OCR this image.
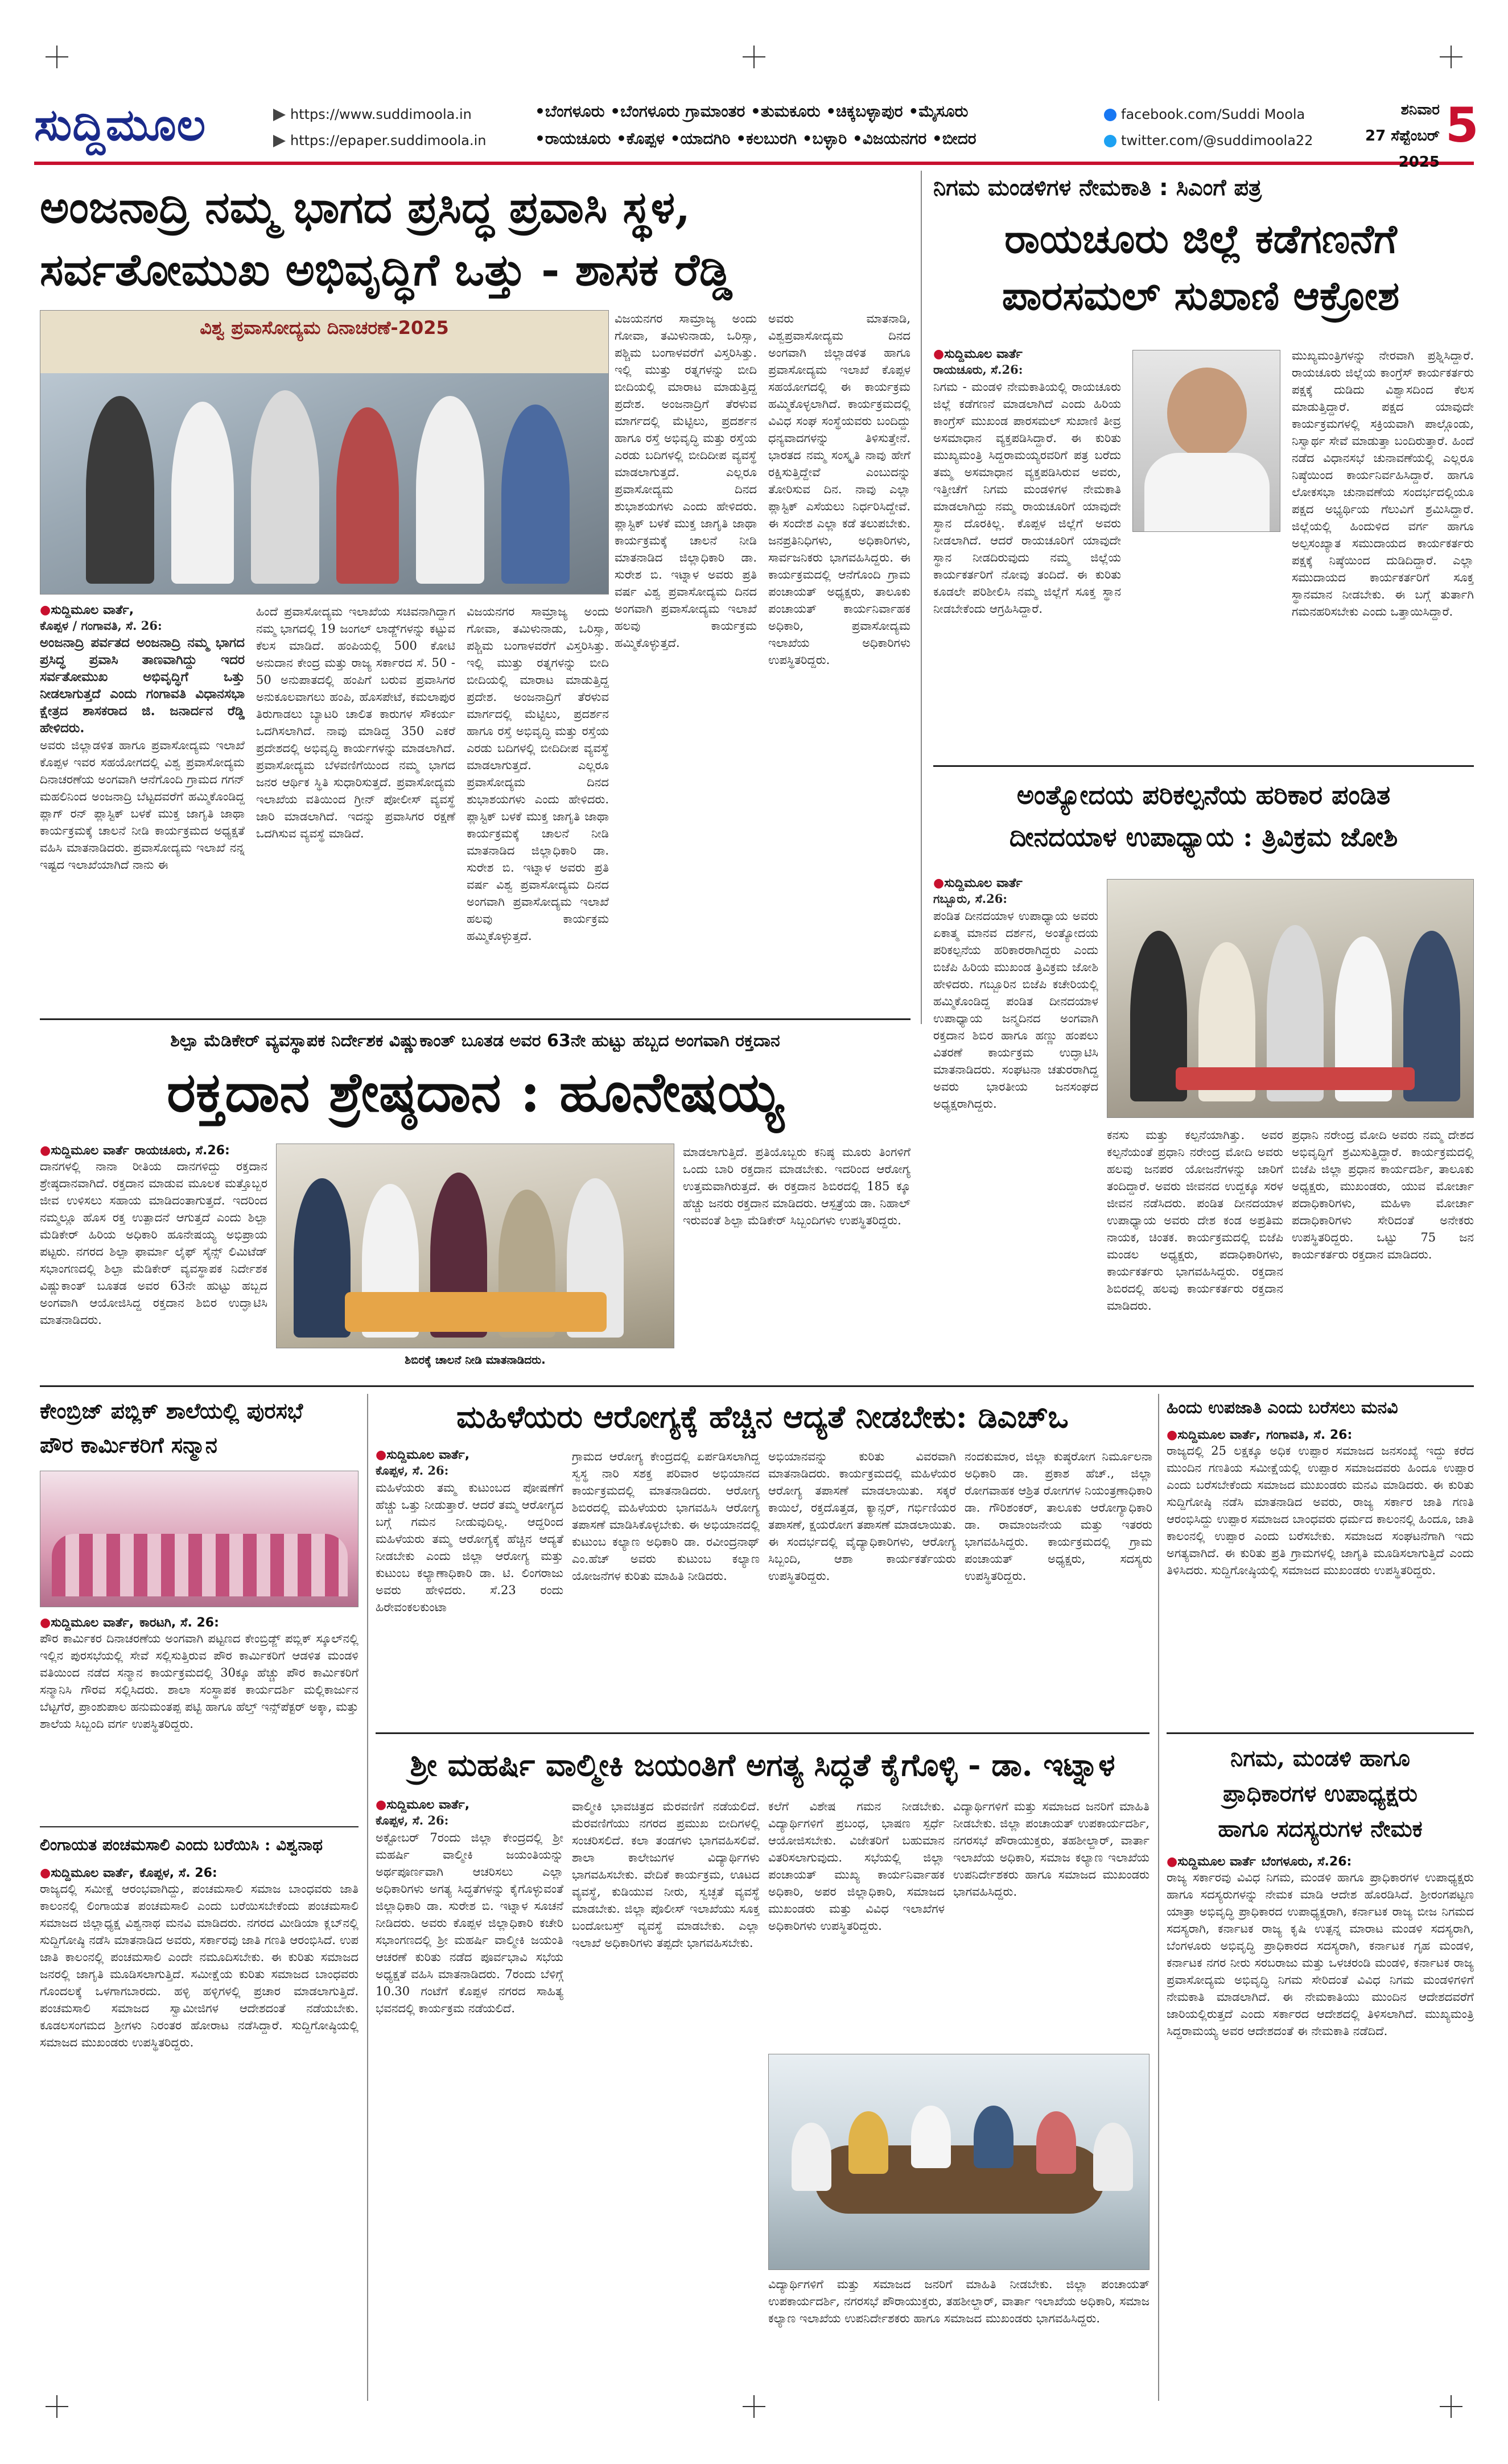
ಸುದ್ದಿಮೂಲ	https://www.suddimoola.in
https://epaper.suddimoola.in
•ಬೆಂಗಳೂರು •ಬೆಂಗಳೂರು ಗ್ರಾಮಾಂತರ •ತುಮಕೂರು •ಚಿಕ್ಕಬಳ್ಳಾಪುರ •ಮೈಸೂರು
•ರಾಯಚೂರು •ಕೊಪ್ಪಳ •ಯಾದಗಿರಿ •ಕಲಬುರಗಿ •ಬಳ್ಳಾರಿ •ವಿಜಯನಗರ •ಬೀದರ
facebook.com/Suddi Moola
twitter.com/@suddimoola22
ಶನಿವಾರ
27 ಸೆಪ್ಟೆಂಬರ್ 2025
5
ಅಂಜನಾದ್ರಿ ನಮ್ಮ ಭಾಗದ ಪ್ರಸಿದ್ಧ ಪ್ರವಾಸಿ ಸ್ಥಳ,
ಸರ್ವತೋಮುಖ ಅಭಿವೃದ್ಧಿಗೆ ಒತ್ತು - ಶಾಸಕ ರೆಡ್ಡಿ
ವಿಶ್ವ ಪ್ರವಾಸೋದ್ಯಮ ದಿನಾಚರಣೆ-2025
●ಸುದ್ದಿಮೂಲ ವಾರ್ತೆ,
ಕೊಪ್ಪಳ / ಗಂಗಾವತಿ, ಸೆ. 26:
ಅಂಜನಾದ್ರಿ ಪರ್ವತದ ಅಂಜನಾದ್ರಿ ನಮ್ಮ ಭಾಗದ ಪ್ರಸಿದ್ಧ ಪ್ರವಾಸಿ ತಾಣವಾಗಿದ್ದು ಇದರ ಸರ್ವತೋಮುಖ ಅಭಿವೃದ್ಧಿಗೆ ಒತ್ತು ನೀಡಲಾಗುತ್ತದೆ ಎಂದು ಗಂಗಾವತಿ ವಿಧಾನಸಭಾ ಕ್ಷೇತ್ರದ ಶಾಸಕರಾದ ಜಿ. ಜನಾರ್ದನ ರೆಡ್ಡಿ ಹೇಳಿದರು.
ಅವರು ಜಿಲ್ಲಾಡಳಿತ ಹಾಗೂ ಪ್ರವಾಸೋದ್ಯಮ ಇಲಾಖೆ ಕೊಪ್ಪಳ ಇವರ ಸಹಯೋಗದಲ್ಲಿ ವಿಶ್ವ ಪ್ರವಾಸೋದ್ಯಮ ದಿನಾಚರಣೆಯ ಅಂಗವಾಗಿ ಆನೆಗೊಂದಿ ಗ್ರಾಮದ ಗಗನ್ ಮಹಲಿನಿಂದ ಅಂಜನಾದ್ರಿ ಬೆಟ್ಟದವರೆಗೆ ಹಮ್ಮಿಕೊಂಡಿದ್ದ ಪ್ಲಾಗ್ ರನ್ ಪ್ಲಾಸ್ಟಿಕ್ ಬಳಕೆ ಮುಕ್ತ ಜಾಗೃತಿ ಜಾಥಾ ಕಾರ್ಯಕ್ರಮಕ್ಕೆ ಚಾಲನೆ ನೀಡಿ ಕಾರ್ಯಕ್ರಮದ ಅಧ್ಯಕ್ಷತೆ ವಹಿಸಿ ಮಾತನಾಡಿದರು. ಪ್ರವಾಸೋದ್ಯಮ ಇಲಾಖೆ ನನ್ನ ಇಷ್ಟದ ಇಲಾಖೆಯಾಗಿದೆ ನಾನು ಈ
ಹಿಂದೆ ಪ್ರವಾಸೋದ್ಯಮ ಇಲಾಖೆಯ ಸಚಿವನಾಗಿದ್ದಾಗ ನಮ್ಮ ಭಾಗದಲ್ಲಿ 19 ಜಂಗಲ್ ಲಾಡ್ಜ್‌ಗಳನ್ನು ಕಟ್ಟುವ ಕೆಲಸ ಮಾಡಿದೆ. ಹಂಪಿಯಲ್ಲಿ 500 ಕೋಟಿ ಅನುದಾನ ಕೇಂದ್ರ ಮತ್ತು ರಾಜ್ಯ ಸರ್ಕಾರದ ಸೆ. 50 - 50 ಅನುಪಾತದಲ್ಲಿ ಹಂಪಿಗೆ ಬರುವ ಪ್ರವಾಸಿಗರ ಅನುಕೂಲವಾಗಲು ಹಂಪಿ, ಹೊಸಪೇಟೆ, ಕಮಲಾಪುರ ತಿರುಗಾಡಲು ಬ್ಯಾಟರಿ ಚಾಲಿತ ಕಾರುಗಳ ಸೌಕರ್ಯ ಒದಗಿಸಲಾಗಿದೆ. ನಾವು ಮಾಡಿದ್ದ 350 ಎಕರೆ ಪ್ರದೇಶದಲ್ಲಿ ಅಭಿವೃದ್ಧಿ ಕಾರ್ಯಗಳನ್ನು ಮಾಡಲಾಗಿದೆ. ಪ್ರವಾಸೋದ್ಯಮ ಬೆಳವಣಿಗೆಯಿಂದ ನಮ್ಮ ಭಾಗದ ಜನರ ಆರ್ಥಿಕ ಸ್ಥಿತಿ ಸುಧಾರಿಸುತ್ತದೆ. ಪ್ರವಾಸೋದ್ಯಮ ಇಲಾಖೆಯ ವತಿಯಿಂದ ಗ್ರೀನ್ ಪೋಲೀಸ್ ವ್ಯವಸ್ಥೆ ಜಾರಿ ಮಾಡಲಾಗಿದೆ. ಇದನ್ನು ಪ್ರವಾಸಿಗರ ರಕ್ಷಣೆ ಒದಗಿಸುವ ವ್ಯವಸ್ಥೆ ಮಾಡಿದೆ.
ವಿಜಯನಗರ ಸಾಮ್ರಾಜ್ಯ ಅಂದು ಗೋವಾ, ತಮಿಳುನಾಡು, ಒರಿಸ್ಸಾ, ಪಶ್ಚಿಮ ಬಂಗಾಳವರೆಗೆ ವಿಸ್ತರಿಸಿತ್ತು. ಇಲ್ಲಿ ಮುತ್ತು ರತ್ನಗಳನ್ನು ಬೀದಿ ಬೀದಿಯಲ್ಲಿ ಮಾರಾಟ ಮಾಡುತ್ತಿದ್ದ ಪ್ರದೇಶ. ಅಂಜನಾದ್ರಿಗೆ ತೆರಳುವ ಮಾರ್ಗದಲ್ಲಿ ಮೆಟ್ಟಿಲು, ಪ್ರದರ್ಶನ ಹಾಗೂ ರಸ್ತೆ ಅಭಿವೃದ್ಧಿ ಮತ್ತು ರಸ್ತೆಯ ಎರಡು ಬದಿಗಳಲ್ಲಿ ಬೀದಿದೀಪ ವ್ಯವಸ್ಥೆ ಮಾಡಲಾಗುತ್ತದೆ. ಎಲ್ಲರೂ ಪ್ರವಾಸೋದ್ಯಮ ದಿನದ ಶುಭಾಶಯಗಳು ಎಂದು ಹೇಳಿದರು. ಪ್ಲಾಸ್ಟಿಕ್ ಬಳಕೆ ಮುಕ್ತ ಜಾಗೃತಿ ಜಾಥಾ ಕಾರ್ಯಕ್ರಮಕ್ಕೆ ಚಾಲನೆ ನೀಡಿ ಮಾತನಾಡಿದ ಜಿಲ್ಲಾಧಿಕಾರಿ ಡಾ. ಸುರೇಶ ಬಿ. ಇಟ್ನಾಳ ಅವರು ಪ್ರತಿ ವರ್ಷ ವಿಶ್ವ ಪ್ರವಾಸೋದ್ಯಮ ದಿನದ ಅಂಗವಾಗಿ ಪ್ರವಾಸೋದ್ಯಮ ಇಲಾಖೆ ಹಲವು ಕಾರ್ಯಕ್ರಮ ಹಮ್ಮಿಕೊಳ್ಳುತ್ತದೆ.
ಅವರು ಮಾತನಾಡಿ, ವಿಶ್ವಪ್ರವಾಸೋದ್ಯಮ ದಿನದ ಅಂಗವಾಗಿ ಜಿಲ್ಲಾಡಳಿತ ಹಾಗೂ ಪ್ರವಾಸೋದ್ಯಮ ಇಲಾಖೆ ಕೊಪ್ಪಳ ಸಹಯೋಗದಲ್ಲಿ ಈ ಕಾರ್ಯಕ್ರಮ ಹಮ್ಮಿಕೊಳ್ಳಲಾಗಿದೆ. ಕಾರ್ಯಕ್ರಮದಲ್ಲಿ ವಿವಿಧ ಸಂಘ ಸಂಸ್ಥೆಯವರು ಬಂದಿದ್ದು ಧನ್ಯವಾದಗಳನ್ನು ತಿಳಿಸುತ್ತೇನೆ. ಭಾರತದ ನಮ್ಮ ಸಂಸ್ಕೃತಿ ನಾವು ಹೇಗೆ ರಕ್ಷಿಸುತ್ತಿದ್ದೇವೆ ಎಂಬುದನ್ನು ತೋರಿಸುವ ದಿನ. ನಾವು ಎಲ್ಲಾ ಪ್ಲಾಸ್ಟಿಕ್ ಎಸೆಯಲು ನಿರ್ಧರಿಸಿದ್ದೇವೆ. ಈ ಸಂದೇಶ ಎಲ್ಲಾ ಕಡೆ ತಲುಪಬೇಕು. ಜನಪ್ರತಿನಿಧಿಗಳು, ಅಧಿಕಾರಿಗಳು, ಸಾರ್ವಜನಿಕರು ಭಾಗವಹಿಸಿದ್ದರು. ಈ ಕಾರ್ಯಕ್ರಮದಲ್ಲಿ ಆನೆಗೊಂದಿ ಗ್ರಾಮ ಪಂಚಾಯತ್ ಅಧ್ಯಕ್ಷರು, ತಾಲೂಕು ಪಂಚಾಯತ್ ಕಾರ್ಯನಿರ್ವಾಹಕ ಅಧಿಕಾರಿ, ಪ್ರವಾಸೋದ್ಯಮ ಇಲಾಖೆಯ ಅಧಿಕಾರಿಗಳು ಉಪಸ್ಥಿತರಿದ್ದರು.
ವಿಜಯನಗರ ಸಾಮ್ರಾಜ್ಯ ಅಂದು ಗೋವಾ, ತಮಿಳುನಾಡು, ಒರಿಸ್ಸಾ, ಪಶ್ಚಿಮ ಬಂಗಾಳವರೆಗೆ ವಿಸ್ತರಿಸಿತ್ತು. ಇಲ್ಲಿ ಮುತ್ತು ರತ್ನಗಳನ್ನು ಬೀದಿ ಬೀದಿಯಲ್ಲಿ ಮಾರಾಟ ಮಾಡುತ್ತಿದ್ದ ಪ್ರದೇಶ. ಅಂಜನಾದ್ರಿಗೆ ತೆರಳುವ ಮಾರ್ಗದಲ್ಲಿ ಮೆಟ್ಟಿಲು, ಪ್ರದರ್ಶನ ಹಾಗೂ ರಸ್ತೆ ಅಭಿವೃದ್ಧಿ ಮತ್ತು ರಸ್ತೆಯ ಎರಡು ಬದಿಗಳಲ್ಲಿ ಬೀದಿದೀಪ ವ್ಯವಸ್ಥೆ ಮಾಡಲಾಗುತ್ತದೆ. ಎಲ್ಲರೂ ಪ್ರವಾಸೋದ್ಯಮ ದಿನದ ಶುಭಾಶಯಗಳು ಎಂದು ಹೇಳಿದರು. ಪ್ಲಾಸ್ಟಿಕ್ ಬಳಕೆ ಮುಕ್ತ ಜಾಗೃತಿ ಜಾಥಾ ಕಾರ್ಯಕ್ರಮಕ್ಕೆ ಚಾಲನೆ ನೀಡಿ ಮಾತನಾಡಿದ ಜಿಲ್ಲಾಧಿಕಾರಿ ಡಾ. ಸುರೇಶ ಬಿ. ಇಟ್ನಾಳ ಅವರು ಪ್ರತಿ ವರ್ಷ ವಿಶ್ವ ಪ್ರವಾಸೋದ್ಯಮ ದಿನದ ಅಂಗವಾಗಿ ಪ್ರವಾಸೋದ್ಯಮ ಇಲಾಖೆ ಹಲವು ಕಾರ್ಯಕ್ರಮ ಹಮ್ಮಿಕೊಳ್ಳುತ್ತದೆ.
ನಿಗಮ ಮಂಡಳಿಗಳ ನೇಮಕಾತಿ : ಸಿಎಂಗೆ ಪತ್ರ
ರಾಯಚೂರು ಜಿಲ್ಲೆ ಕಡೆಗಣನೆಗೆ
ಪಾರಸಮಲ್ ಸುಖಾಣಿ ಆಕ್ರೋಶ
●ಸುದ್ದಿಮೂಲ ವಾರ್ತೆ
ರಾಯಚೂರು, ಸೆ.26:
ನಿಗಮ - ಮಂಡಳಿ ನೇಮಕಾತಿಯಲ್ಲಿ ರಾಯಚೂರು ಜಿಲ್ಲೆ ಕಡೆಗಣನೆ ಮಾಡಲಾಗಿದೆ ಎಂದು ಹಿರಿಯ ಕಾಂಗ್ರೆಸ್ ಮುಖಂಡ ಪಾರಸಮಲ್ ಸುಖಾಣಿ ತೀವ್ರ ಅಸಮಾಧಾನ ವ್ಯಕ್ತಪಡಿಸಿದ್ದಾರೆ. ಈ ಕುರಿತು ಮುಖ್ಯಮಂತ್ರಿ ಸಿದ್ದರಾಮಯ್ಯರವರಿಗೆ ಪತ್ರ ಬರೆದು ತಮ್ಮ ಅಸಮಾಧಾನ ವ್ಯಕ್ತಪಡಿಸಿರುವ ಅವರು, ಇತ್ತೀಚೆಗೆ ನಿಗಮ ಮಂಡಳಿಗಳ ನೇಮಕಾತಿ ಮಾಡಲಾಗಿದ್ದು ನಮ್ಮ ರಾಯಚೂರಿಗೆ ಯಾವುದೇ ಸ್ಥಾನ ದೊರಕಿಲ್ಲ. ಕೊಪ್ಪಳ ಜಿಲ್ಲೆಗೆ ಅವರು ನೀಡಲಾಗಿದೆ. ಆದರೆ ರಾಯಚೂರಿಗೆ ಯಾವುದೇ ಸ್ಥಾನ ನೀಡದಿರುವುದು ನಮ್ಮ ಜಿಲ್ಲೆಯ ಕಾರ್ಯಕರ್ತರಿಗೆ ನೋವು ತಂದಿದೆ. ಈ ಕುರಿತು ಕೂಡಲೇ ಪರಿಶೀಲಿಸಿ ನಮ್ಮ ಜಿಲ್ಲೆಗೆ ಸೂಕ್ತ ಸ್ಥಾನ ನೀಡಬೇಕೆಂದು ಆಗ್ರಹಿಸಿದ್ದಾರೆ.
ಮುಖ್ಯಮಂತ್ರಿಗಳನ್ನು ನೇರವಾಗಿ ಪ್ರಶ್ನಿಸಿದ್ದಾರೆ. ರಾಯಚೂರು ಜಿಲ್ಲೆಯ ಕಾಂಗ್ರೆಸ್ ಕಾರ್ಯಕರ್ತರು ಪಕ್ಷಕ್ಕೆ ದುಡಿದು ವಿಶ್ವಾಸದಿಂದ ಕೆಲಸ ಮಾಡುತ್ತಿದ್ದಾರೆ. ಪಕ್ಷದ ಯಾವುದೇ ಕಾರ್ಯಕ್ರಮಗಳಲ್ಲಿ ಸಕ್ರಿಯವಾಗಿ ಪಾಲ್ಗೊಂಡು, ನಿಸ್ವಾರ್ಥ ಸೇವೆ ಮಾಡುತ್ತಾ ಬಂದಿರುತ್ತಾರೆ. ಹಿಂದೆ ನಡೆದ ವಿಧಾನಸಭೆ ಚುನಾವಣೆಯಲ್ಲಿ ಎಲ್ಲರೂ ನಿಷ್ಠೆಯಿಂದ ಕಾರ್ಯನಿರ್ವಹಿಸಿದ್ದಾರೆ. ಹಾಗೂ ಲೋಕಸಭಾ ಚುನಾವಣೆಯ ಸಂದರ್ಭದಲ್ಲಿಯೂ ಪಕ್ಷದ ಅಭ್ಯರ್ಥಿಯ ಗೆಲುವಿಗೆ ಶ್ರಮಿಸಿದ್ದಾರೆ. ಜಿಲ್ಲೆಯಲ್ಲಿ ಹಿಂದುಳಿದ ವರ್ಗ ಹಾಗೂ ಅಲ್ಪಸಂಖ್ಯಾತ ಸಮುದಾಯದ ಕಾರ್ಯಕರ್ತರು ಪಕ್ಷಕ್ಕೆ ನಿಷ್ಠೆಯಿಂದ ದುಡಿದಿದ್ದಾರೆ. ಎಲ್ಲಾ ಸಮುದಾಯದ ಕಾರ್ಯಕರ್ತರಿಗೆ ಸೂಕ್ತ ಸ್ಥಾನಮಾನ ನೀಡಬೇಕು. ಈ ಬಗ್ಗೆ ತುರ್ತಾಗಿ ಗಮನಹರಿಸಬೇಕು ಎಂದು ಒತ್ತಾಯಿಸಿದ್ದಾರೆ.
ಅಂತ್ಯೋದಯ ಪರಿಕಲ್ಪನೆಯ ಹರಿಕಾರ ಪಂಡಿತ
ದೀನದಯಾಳ ಉಪಾಧ್ಯಾಯ : ತ್ರಿವಿಕ್ರಮ ಜೋಶಿ
●ಸುದ್ದಿಮೂಲ ವಾರ್ತೆ
ಗಬ್ಬೂರು, ಸೆ.26:
ಪಂಡಿತ ದೀನದಯಾಳ ಉಪಾಧ್ಯಾಯ ಅವರು ಏಕಾತ್ಮ ಮಾನವ ದರ್ಶನ, ಅಂತ್ಯೋದಯ ಪರಿಕಲ್ಪನೆಯ ಹರಿಕಾರರಾಗಿದ್ದರು ಎಂದು ಬಿಜೆಪಿ ಹಿರಿಯ ಮುಖಂಡ ತ್ರಿವಿಕ್ರಮ ಜೋಶಿ ಹೇಳಿದರು. ಗಬ್ಬೂರಿನ ಬಿಜೆಪಿ ಕಚೇರಿಯಲ್ಲಿ ಹಮ್ಮಿಕೊಂಡಿದ್ದ ಪಂಡಿತ ದೀನದಯಾಳ ಉಪಾಧ್ಯಾಯ ಜನ್ಮದಿನದ ಅಂಗವಾಗಿ ರಕ್ತದಾನ ಶಿಬಿರ ಹಾಗೂ ಹಣ್ಣು ಹಂಪಲು ವಿತರಣೆ ಕಾರ್ಯಕ್ರಮ ಉದ್ಘಾಟಿಸಿ ಮಾತನಾಡಿದರು. ಸಂಘಟನಾ ಚತುರರಾಗಿದ್ದ ಅವರು ಭಾರತೀಯ ಜನಸಂಘದ ಅಧ್ಯಕ್ಷರಾಗಿದ್ದರು.
ಕನಸು ಮತ್ತು ಕಲ್ಪನೆಯಾಗಿತ್ತು. ಅವರ ಕಲ್ಪನೆಯಂತೆ ಪ್ರಧಾನಿ ನರೇಂದ್ರ ಮೋದಿ ಅವರು ಹಲವು ಜನಪರ ಯೋಜನೆಗಳನ್ನು ಜಾರಿಗೆ ತಂದಿದ್ದಾರೆ. ಅವರು ಜೀವನದ ಉದ್ದಕ್ಕೂ ಸರಳ ಜೀವನ ನಡೆಸಿದರು. ಪಂಡಿತ ದೀನದಯಾಳ ಉಪಾಧ್ಯಾಯ ಅವರು ದೇಶ ಕಂಡ ಅಪ್ರತಿಮ ನಾಯಕ, ಚಿಂತಕ. ಕಾರ್ಯಕ್ರಮದಲ್ಲಿ ಬಿಜೆಪಿ ಮಂಡಲ ಅಧ್ಯಕ್ಷರು, ಪದಾಧಿಕಾರಿಗಳು, ಕಾರ್ಯಕರ್ತರು ಭಾಗವಹಿಸಿದ್ದರು. ರಕ್ತದಾನ ಶಿಬಿರದಲ್ಲಿ ಹಲವು ಕಾರ್ಯಕರ್ತರು ರಕ್ತದಾನ ಮಾಡಿದರು.
ಪ್ರಧಾನಿ ನರೇಂದ್ರ ಮೋದಿ ಅವರು ನಮ್ಮ ದೇಶದ ಅಭಿವೃದ್ಧಿಗೆ ಶ್ರಮಿಸುತ್ತಿದ್ದಾರೆ. ಕಾರ್ಯಕ್ರಮದಲ್ಲಿ ಬಿಜೆಪಿ ಜಿಲ್ಲಾ ಪ್ರಧಾನ ಕಾರ್ಯದರ್ಶಿ, ತಾಲೂಕು ಅಧ್ಯಕ್ಷರು, ಮುಖಂಡರು, ಯುವ ಮೋರ್ಚಾ ಪದಾಧಿಕಾರಿಗಳು, ಮಹಿಳಾ ಮೋರ್ಚಾ ಪದಾಧಿಕಾರಿಗಳು ಸೇರಿದಂತೆ ಅನೇಕರು ಉಪಸ್ಥಿತರಿದ್ದರು. ಒಟ್ಟು 75 ಜನ ಕಾರ್ಯಕರ್ತರು ರಕ್ತದಾನ ಮಾಡಿದರು.
ಶಿಲ್ಪಾ ಮೆಡಿಕೇರ್ ವ್ಯವಸ್ಥಾಪಕ ನಿರ್ದೇಶಕ ವಿಷ್ಣುಕಾಂತ್ ಬೂತಡ ಅವರ 63ನೇ ಹುಟ್ಟು ಹಬ್ಬದ ಅಂಗವಾಗಿ ರಕ್ತದಾನ
ರಕ್ತದಾನ ಶ್ರೇಷ್ಠದಾನ : ಹೂನೇಷಯ್ಯ
●ಸುದ್ದಿಮೂಲ ವಾರ್ತೆ ರಾಯಚೂರು, ಸೆ.26:
ದಾನಗಳಲ್ಲಿ ನಾನಾ ರೀತಿಯ ದಾನಗಳಿದ್ದು ರಕ್ತದಾನ ಶ್ರೇಷ್ಠದಾನವಾಗಿದೆ. ರಕ್ತದಾನ ಮಾಡುವ ಮೂಲಕ ಮತ್ತೊಬ್ಬರ ಜೀವ ಉಳಿಸಲು ಸಹಾಯ ಮಾಡಿದಂತಾಗುತ್ತದೆ. ಇದರಿಂದ ನಮ್ಮಲ್ಲೂ ಹೊಸ ರಕ್ತ ಉತ್ಪಾದನೆ ಆಗುತ್ತದೆ ಎಂದು ಶಿಲ್ಪಾ ಮೆಡಿಕೇರ್ ಹಿರಿಯ ಅಧಿಕಾರಿ ಹೂನೇಷಯ್ಯ ಅಭಿಪ್ರಾಯ ಪಟ್ಟರು. ನಗರದ ಶಿಲ್ಪಾ ಫಾರ್ಮಾ ಲೈಫ್ ಸೈನ್ಸ್ ಲಿಮಿಟೆಡ್ ಸಭಾಂಗಣದಲ್ಲಿ ಶಿಲ್ಪಾ ಮೆಡಿಕೇರ್ ವ್ಯವಸ್ಥಾಪಕ ನಿರ್ದೇಶಕ ವಿಷ್ಣುಕಾಂತ್ ಬೂತಡ ಅವರ 63ನೇ ಹುಟ್ಟು ಹಬ್ಬದ ಅಂಗವಾಗಿ ಆಯೋಜಿಸಿದ್ದ ರಕ್ತದಾನ ಶಿಬಿರ ಉದ್ಘಾಟಿಸಿ ಮಾತನಾಡಿದರು.
ಶಿಬಿರಕ್ಕೆ ಚಾಲನೆ ನೀಡಿ ಮಾತನಾಡಿದರು.
ಮಾಡಲಾಗುತ್ತಿದೆ. ಪ್ರತಿಯೊಬ್ಬರು ಕನಿಷ್ಠ ಮೂರು ತಿಂಗಳಿಗೆ ಒಂದು ಬಾರಿ ರಕ್ತದಾನ ಮಾಡಬೇಕು. ಇದರಿಂದ ಆರೋಗ್ಯ ಉತ್ತಮವಾಗಿರುತ್ತದೆ. ಈ ರಕ್ತದಾನ ಶಿಬಿರದಲ್ಲಿ 185 ಕ್ಕೂ ಹೆಚ್ಚು ಜನರು ರಕ್ತದಾನ ಮಾಡಿದರು. ಆಸ್ಪತ್ರೆಯ ಡಾ. ನಿಹಾಲ್ ಇರುವಂತೆ ಶಿಲ್ಪಾ ಮೆಡಿಕೇರ್ ಸಿಬ್ಬಂದಿಗಳು ಉಪಸ್ಥಿತರಿದ್ದರು.
ಕೇಂಬ್ರಿಜ್ ಪಬ್ಲಿಕ್ ಶಾಲೆಯಲ್ಲಿ ಪುರಸಭೆ
ಪೌರ ಕಾರ್ಮಿಕರಿಗೆ ಸನ್ಮಾನ
●ಸುದ್ದಿಮೂಲ ವಾರ್ತೆ, ಕಾರಟಗಿ, ಸೆ. 26:
ಪೌರ ಕಾರ್ಮಿಕರ ದಿನಾಚರಣೆಯ ಅಂಗವಾಗಿ ಪಟ್ಟಣದ ಕೇಂಬ್ರಿಡ್ಜ್ ಪಬ್ಲಿಕ್ ಸ್ಕೂಲ್‌ನಲ್ಲಿ ಇಲ್ಲಿನ ಪುರಸಭೆಯಲ್ಲಿ ಸೇವೆ ಸಲ್ಲಿಸುತ್ತಿರುವ ಪೌರ ಕಾರ್ಮಿಕರಿಗೆ ಆಡಳಿತ ಮಂಡಳಿ ವತಿಯಿಂದ ನಡೆದ ಸನ್ಮಾನ ಕಾರ್ಯಕ್ರಮದಲ್ಲಿ 30ಕ್ಕೂ ಹೆಚ್ಚು ಪೌರ ಕಾರ್ಮಿಕರಿಗೆ ಸನ್ಮಾನಿಸಿ ಗೌರವ ಸಲ್ಲಿಸಿದರು. ಶಾಲಾ ಸಂಸ್ಥಾಪಕ ಕಾರ್ಯದರ್ಶಿ ಮಲ್ಲಿಕಾರ್ಜುನ ಬೆಟ್ಟಗೆರೆ, ಪ್ರಾಂಶುಪಾಲ ಹನುಮಂತಪ್ಪ ಪಟ್ಟಿ ಹಾಗೂ ಹೆಲ್ತ್ ಇನ್ಸ್‌ಪೆಕ್ಟರ್ ಅಕ್ಕಾ, ಮತ್ತು ಶಾಲೆಯ ಸಿಬ್ಬಂದಿ ವರ್ಗ ಉಪಸ್ಥಿತರಿದ್ದರು.
ಲಿಂಗಾಯತ ಪಂಚಮಸಾಲಿ ಎಂದು ಬರೆಯಿಸಿ : ವಿಶ್ವನಾಥ
●ಸುದ್ದಿಮೂಲ ವಾರ್ತೆ, ಕೊಪ್ಪಳ, ಸೆ. 26:
ರಾಜ್ಯದಲ್ಲಿ ಸಮೀಕ್ಷೆ ಆರಂಭವಾಗಿದ್ದು, ಪಂಚಮಸಾಲಿ ಸಮಾಜ ಬಾಂಧವರು ಜಾತಿ ಕಾಲಂನಲ್ಲಿ ಲಿಂಗಾಯತ ಪಂಚಮಸಾಲಿ ಎಂದು ಬರೆಯಿಸಬೇಕೆಂದು ಪಂಚಮಸಾಲಿ ಸಮಾಜದ ಜಿಲ್ಲಾಧ್ಯಕ್ಷ ವಿಶ್ವನಾಥ ಮನವಿ ಮಾಡಿದರು. ನಗರದ ಮೀಡಿಯಾ ಕ್ಲಬ್‌ನಲ್ಲಿ ಸುದ್ದಿಗೋಷ್ಠಿ ನಡೆಸಿ ಮಾತನಾಡಿದ ಅವರು, ಸರ್ಕಾರವು ಜಾತಿ ಗಣತಿ ಆರಂಭಿಸಿದೆ. ಉಪ ಜಾತಿ ಕಾಲಂನಲ್ಲಿ ಪಂಚಮಸಾಲಿ ಎಂದೇ ನಮೂದಿಸಬೇಕು. ಈ ಕುರಿತು ಸಮಾಜದ ಜನರಲ್ಲಿ ಜಾಗೃತಿ ಮೂಡಿಸಲಾಗುತ್ತಿದೆ. ಸಮೀಕ್ಷೆಯ ಕುರಿತು ಸಮಾಜದ ಬಾಂಧವರು ಗೊಂದಲಕ್ಕೆ ಒಳಗಾಗಬಾರದು. ಹಳ್ಳಿ ಹಳ್ಳಿಗಳಲ್ಲಿ ಪ್ರಚಾರ ಮಾಡಲಾಗುತ್ತಿದೆ. ಪಂಚಮಸಾಲಿ ಸಮಾಜದ ಸ್ವಾಮೀಜಿಗಳ ಆದೇಶದಂತೆ ನಡೆಯಬೇಕು. ಕೂಡಲಸಂಗಮದ ಶ್ರೀಗಳು ನಿರಂತರ ಹೋರಾಟ ನಡೆಸಿದ್ದಾರೆ. ಸುದ್ದಿಗೋಷ್ಠಿಯಲ್ಲಿ ಸಮಾಜದ ಮುಖಂಡರು ಉಪಸ್ಥಿತರಿದ್ದರು.
ಮಹಿಳೆಯರು ಆರೋಗ್ಯಕ್ಕೆ ಹೆಚ್ಚಿನ ಆದ್ಯತೆ ನೀಡಬೇಕು: ಡಿಎಚ್ಒ
●ಸುದ್ದಿಮೂಲ ವಾರ್ತೆ,
ಕೊಪ್ಪಳ, ಸೆ. 26:
ಮಹಿಳೆಯರು ತಮ್ಮ ಕುಟುಂಬದ ಪೋಷಣೆಗೆ ಹೆಚ್ಚು ಒತ್ತು ನೀಡುತ್ತಾರೆ. ಆದರೆ ತಮ್ಮ ಆರೋಗ್ಯದ ಬಗ್ಗೆ ಗಮನ ನೀಡುವುದಿಲ್ಲ. ಆದ್ದರಿಂದ ಮಹಿಳೆಯರು ತಮ್ಮ ಆರೋಗ್ಯಕ್ಕೆ ಹೆಚ್ಚಿನ ಆದ್ಯತೆ ನೀಡಬೇಕು ಎಂದು ಜಿಲ್ಲಾ ಆರೋಗ್ಯ ಮತ್ತು ಕುಟುಂಬ ಕಲ್ಯಾಣಾಧಿಕಾರಿ ಡಾ. ಟಿ. ಲಿಂಗರಾಜು ಅವರು ಹೇಳಿದರು. ಸೆ.23 ರಂದು ಹಿರೇವಂಕಲಕುಂಟಾ
ಗ್ರಾಮದ ಆರೋಗ್ಯ ಕೇಂದ್ರದಲ್ಲಿ ಏರ್ಪಡಿಸಲಾಗಿದ್ದ ಸ್ವಸ್ಥ ನಾರಿ ಸಶಕ್ತ ಪರಿವಾರ ಅಭಿಯಾನದ ಕಾರ್ಯಕ್ರಮದಲ್ಲಿ ಮಾತನಾಡಿದರು. ಆರೋಗ್ಯ ಶಿಬಿರದಲ್ಲಿ ಮಹಿಳೆಯರು ಭಾಗವಹಿಸಿ ಆರೋಗ್ಯ ತಪಾಸಣೆ ಮಾಡಿಸಿಕೊಳ್ಳಬೇಕು. ಈ ಅಭಿಯಾನದಲ್ಲಿ ಕುಟುಂಬ ಕಲ್ಯಾಣ ಅಧಿಕಾರಿ ಡಾ. ರವೀಂದ್ರನಾಥ್ ಎಂ.ಹೆಚ್ ಅವರು ಕುಟುಂಬ ಕಲ್ಯಾಣ ಯೋಜನೆಗಳ ಕುರಿತು ಮಾಹಿತಿ ನೀಡಿದರು.
ಅಭಿಯಾನವನ್ನು ಕುರಿತು ವಿವರವಾಗಿ ಮಾತನಾಡಿದರು. ಕಾರ್ಯಕ್ರಮದಲ್ಲಿ ಮಹಿಳೆಯರ ಆರೋಗ್ಯ ತಪಾಸಣೆ ಮಾಡಲಾಯಿತು. ಸಕ್ಕರೆ ಕಾಯಿಲೆ, ರಕ್ತದೊತ್ತಡ, ಕ್ಯಾನ್ಸರ್, ಗರ್ಭಿಣಿಯರ ತಪಾಸಣೆ, ಕ್ಷಯರೋಗ ತಪಾಸಣೆ ಮಾಡಲಾಯಿತು. ಈ ಸಂದರ್ಭದಲ್ಲಿ ವೈದ್ಯಾಧಿಕಾರಿಗಳು, ಆರೋಗ್ಯ ಸಿಬ್ಬಂದಿ, ಆಶಾ ಕಾರ್ಯಕರ್ತೆಯರು ಉಪಸ್ಥಿತರಿದ್ದರು.
ನಂದಕುಮಾರ, ಜಿಲ್ಲಾ ಕುಷ್ಠರೋಗ ನಿರ್ಮೂಲನಾ ಅಧಿಕಾರಿ ಡಾ. ಪ್ರಕಾಶ ಹೆಚ್., ಜಿಲ್ಲಾ ರೋಗವಾಹಕ ಆಶ್ರಿತ ರೋಗಗಳ ನಿಯಂತ್ರಣಾಧಿಕಾರಿ ಡಾ. ಗೌರಿಶಂಕರ್, ತಾಲೂಕು ಆರೋಗ್ಯಾಧಿಕಾರಿ ಡಾ. ರಾಮಾಂಜನೇಯ ಮತ್ತು ಇತರರು ಭಾಗವಹಿಸಿದ್ದರು. ಕಾರ್ಯಕ್ರಮದಲ್ಲಿ ಗ್ರಾಮ ಪಂಚಾಯತ್ ಅಧ್ಯಕ್ಷರು, ಸದಸ್ಯರು ಉಪಸ್ಥಿತರಿದ್ದರು.
ಶ್ರೀ ಮಹರ್ಷಿ ವಾಲ್ಮೀಕಿ ಜಯಂತಿಗೆ ಅಗತ್ಯ ಸಿದ್ಧತೆ ಕೈಗೊಳ್ಳಿ - ಡಾ. ಇಟ್ನಾಳ
●ಸುದ್ದಿಮೂಲ ವಾರ್ತೆ,
ಕೊಪ್ಪಳ, ಸೆ. 26:
ಅಕ್ಟೋಬರ್ 7ರಂದು ಜಿಲ್ಲಾ ಕೇಂದ್ರದಲ್ಲಿ ಶ್ರೀ ಮಹರ್ಷಿ ವಾಲ್ಮೀಕಿ ಜಯಂತಿಯನ್ನು ಅರ್ಥಪೂರ್ಣವಾಗಿ ಆಚರಿಸಲು ಎಲ್ಲಾ ಅಧಿಕಾರಿಗಳು ಅಗತ್ಯ ಸಿದ್ಧತೆಗಳನ್ನು ಕೈಗೊಳ್ಳುವಂತೆ ಜಿಲ್ಲಾಧಿಕಾರಿ ಡಾ. ಸುರೇಶ ಬಿ. ಇಟ್ನಾಳ ಸೂಚನೆ ನೀಡಿದರು. ಅವರು ಕೊಪ್ಪಳ ಜಿಲ್ಲಾಧಿಕಾರಿ ಕಚೇರಿ ಸಭಾಂಗಣದಲ್ಲಿ ಶ್ರೀ ಮಹರ್ಷಿ ವಾಲ್ಮೀಕಿ ಜಯಂತಿ ಆಚರಣೆ ಕುರಿತು ನಡೆದ ಪೂರ್ವಭಾವಿ ಸಭೆಯ ಅಧ್ಯಕ್ಷತೆ ವಹಿಸಿ ಮಾತನಾಡಿದರು. 7ರಂದು ಬೆಳಿಗ್ಗೆ 10.30 ಗಂಟೆಗೆ ಕೊಪ್ಪಳ ನಗರದ ಸಾಹಿತ್ಯ ಭವನದಲ್ಲಿ ಕಾರ್ಯಕ್ರಮ ನಡೆಯಲಿದೆ.
ವಾಲ್ಮೀಕಿ ಭಾವಚಿತ್ರದ ಮೆರವಣಿಗೆ ನಡೆಯಲಿದೆ. ಮೆರವಣಿಗೆಯು ನಗರದ ಪ್ರಮುಖ ಬೀದಿಗಳಲ್ಲಿ ಸಂಚರಿಸಲಿದೆ. ಕಲಾ ತಂಡಗಳು ಭಾಗವಹಿಸಲಿವೆ. ಶಾಲಾ ಕಾಲೇಜುಗಳ ವಿದ್ಯಾರ್ಥಿಗಳು ಭಾಗವಹಿಸಬೇಕು. ವೇದಿಕೆ ಕಾರ್ಯಕ್ರಮ, ಊಟದ ವ್ಯವಸ್ಥೆ, ಕುಡಿಯುವ ನೀರು, ಸ್ವಚ್ಛತೆ ವ್ಯವಸ್ಥೆ ಮಾಡಬೇಕು. ಜಿಲ್ಲಾ ಪೊಲೀಸ್ ಇಲಾಖೆಯು ಸೂಕ್ತ ಬಂದೋಬಸ್ತ್ ವ್ಯವಸ್ಥೆ ಮಾಡಬೇಕು. ಎಲ್ಲಾ ಇಲಾಖೆ ಅಧಿಕಾರಿಗಳು ತಪ್ಪದೇ ಭಾಗವಹಿಸಬೇಕು.
ಕಲೆಗೆ ವಿಶೇಷ ಗಮನ ನೀಡಬೇಕು. ವಿದ್ಯಾರ್ಥಿಗಳಿಗೆ ಪ್ರಬಂಧ, ಭಾಷಣ ಸ್ಪರ್ಧೆ ಆಯೋಜಿಸಬೇಕು. ವಿಜೇತರಿಗೆ ಬಹುಮಾನ ವಿತರಿಸಲಾಗುವುದು. ಸಭೆಯಲ್ಲಿ ಜಿಲ್ಲಾ ಪಂಚಾಯತ್ ಮುಖ್ಯ ಕಾರ್ಯನಿರ್ವಾಹಕ ಅಧಿಕಾರಿ, ಅಪರ ಜಿಲ್ಲಾಧಿಕಾರಿ, ಸಮಾಜದ ಮುಖಂಡರು ಮತ್ತು ವಿವಿಧ ಇಲಾಖೆಗಳ ಅಧಿಕಾರಿಗಳು ಉಪಸ್ಥಿತರಿದ್ದರು.
ವಿದ್ಯಾರ್ಥಿಗಳಿಗೆ ಮತ್ತು ಸಮಾಜದ ಜನರಿಗೆ ಮಾಹಿತಿ ನೀಡಬೇಕು. ಜಿಲ್ಲಾ ಪಂಚಾಯತ್ ಉಪಕಾರ್ಯದರ್ಶಿ, ನಗರಸಭೆ ಪೌರಾಯುಕ್ತರು, ತಹಶೀಲ್ದಾರ್, ವಾರ್ತಾ ಇಲಾಖೆಯ ಅಧಿಕಾರಿ, ಸಮಾಜ ಕಲ್ಯಾಣ ಇಲಾಖೆಯ ಉಪನಿರ್ದೇಶಕರು ಹಾಗೂ ಸಮಾಜದ ಮುಖಂಡರು ಭಾಗವಹಿಸಿದ್ದರು.
ವಿದ್ಯಾರ್ಥಿಗಳಿಗೆ ಮತ್ತು ಸಮಾಜದ ಜನರಿಗೆ ಮಾಹಿತಿ ನೀಡಬೇಕು. ಜಿಲ್ಲಾ ಪಂಚಾಯತ್ ಉಪಕಾರ್ಯದರ್ಶಿ, ನಗರಸಭೆ ಪೌರಾಯುಕ್ತರು, ತಹಶೀಲ್ದಾರ್, ವಾರ್ತಾ ಇಲಾಖೆಯ ಅಧಿಕಾರಿ, ಸಮಾಜ ಕಲ್ಯಾಣ ಇಲಾಖೆಯ ಉಪನಿರ್ದೇಶಕರು ಹಾಗೂ ಸಮಾಜದ ಮುಖಂಡರು ಭಾಗವಹಿಸಿದ್ದರು.
ಹಿಂದು ಉಪಜಾತಿ ಎಂದು ಬರೆಸಲು ಮನವಿ
●ಸುದ್ದಿಮೂಲ ವಾರ್ತೆ, ಗಂಗಾವತಿ, ಸೆ. 26:
ರಾಜ್ಯದಲ್ಲಿ 25 ಲಕ್ಷಕ್ಕೂ ಅಧಿಕ ಉಪ್ಪಾರ ಸಮಾಜದ ಜನಸಂಖ್ಯೆ ಇದ್ದು ಕರೆದ ಮುಂದಿನ ಗಣತಿಯ ಸಮೀಕ್ಷೆಯಲ್ಲಿ ಉಪ್ಪಾರ ಸಮಾಜದವರು ಹಿಂದೂ ಉಪ್ಪಾರ ಎಂದು ಬರೆಸಬೇಕೆಂದು ಸಮಾಜದ ಮುಖಂಡರು ಮನವಿ ಮಾಡಿದರು. ಈ ಕುರಿತು ಸುದ್ದಿಗೋಷ್ಠಿ ನಡೆಸಿ ಮಾತನಾಡಿದ ಅವರು, ರಾಜ್ಯ ಸರ್ಕಾರ ಜಾತಿ ಗಣತಿ ಆರಂಭಿಸಿದ್ದು ಉಪ್ಪಾರ ಸಮಾಜದ ಬಾಂಧವರು ಧರ್ಮದ ಕಾಲಂನಲ್ಲಿ ಹಿಂದೂ, ಜಾತಿ ಕಾಲಂನಲ್ಲಿ ಉಪ್ಪಾರ ಎಂದು ಬರೆಸಬೇಕು. ಸಮಾಜದ ಸಂಘಟನೆಗಾಗಿ ಇದು ಅಗತ್ಯವಾಗಿದೆ. ಈ ಕುರಿತು ಪ್ರತಿ ಗ್ರಾಮಗಳಲ್ಲಿ ಜಾಗೃತಿ ಮೂಡಿಸಲಾಗುತ್ತಿದೆ ಎಂದು ತಿಳಿಸಿದರು. ಸುದ್ದಿಗೋಷ್ಠಿಯಲ್ಲಿ ಸಮಾಜದ ಮುಖಂಡರು ಉಪಸ್ಥಿತರಿದ್ದರು.
ನಿಗಮ, ಮಂಡಳಿ ಹಾಗೂ
ಪ್ರಾಧಿಕಾರಗಳ ಉಪಾಧ್ಯಕ್ಷರು
ಹಾಗೂ ಸದಸ್ಯರುಗಳ ನೇಮಕ
●ಸುದ್ದಿಮೂಲ ವಾರ್ತೆ ಬೆಂಗಳೂರು, ಸೆ.26:
ರಾಜ್ಯ ಸರ್ಕಾರವು ವಿವಿಧ ನಿಗಮ, ಮಂಡಳಿ ಹಾಗೂ ಪ್ರಾಧಿಕಾರಗಳ ಉಪಾಧ್ಯಕ್ಷರು ಹಾಗೂ ಸದಸ್ಯರುಗಳನ್ನು ನೇಮಕ ಮಾಡಿ ಆದೇಶ ಹೊರಡಿಸಿದೆ. ಶ್ರೀರಂಗಪಟ್ಟಣ ಯಾತ್ರಾ ಅಭಿವೃದ್ಧಿ ಪ್ರಾಧಿಕಾರದ ಉಪಾಧ್ಯಕ್ಷರಾಗಿ, ಕರ್ನಾಟಕ ರಾಜ್ಯ ಬೀಜ ನಿಗಮದ ಸದಸ್ಯರಾಗಿ, ಕರ್ನಾಟಕ ರಾಜ್ಯ ಕೃಷಿ ಉತ್ಪನ್ನ ಮಾರಾಟ ಮಂಡಳಿ ಸದಸ್ಯರಾಗಿ, ಬೆಂಗಳೂರು ಅಭಿವೃದ್ಧಿ ಪ್ರಾಧಿಕಾರದ ಸದಸ್ಯರಾಗಿ, ಕರ್ನಾಟಕ ಗೃಹ ಮಂಡಳಿ, ಕರ್ನಾಟಕ ನಗರ ನೀರು ಸರಬರಾಜು ಮತ್ತು ಒಳಚರಂಡಿ ಮಂಡಳಿ, ಕರ್ನಾಟಕ ರಾಜ್ಯ ಪ್ರವಾಸೋದ್ಯಮ ಅಭಿವೃದ್ಧಿ ನಿಗಮ ಸೇರಿದಂತೆ ವಿವಿಧ ನಿಗಮ ಮಂಡಳಿಗಳಿಗೆ ನೇಮಕಾತಿ ಮಾಡಲಾಗಿದೆ. ಈ ನೇಮಕಾತಿಯು ಮುಂದಿನ ಆದೇಶದವರೆಗೆ ಜಾರಿಯಲ್ಲಿರುತ್ತದೆ ಎಂದು ಸರ್ಕಾರದ ಆದೇಶದಲ್ಲಿ ತಿಳಿಸಲಾಗಿದೆ. ಮುಖ್ಯಮಂತ್ರಿ ಸಿದ್ದರಾಮಯ್ಯ ಅವರ ಆದೇಶದಂತೆ ಈ ನೇಮಕಾತಿ ನಡೆದಿದೆ.
